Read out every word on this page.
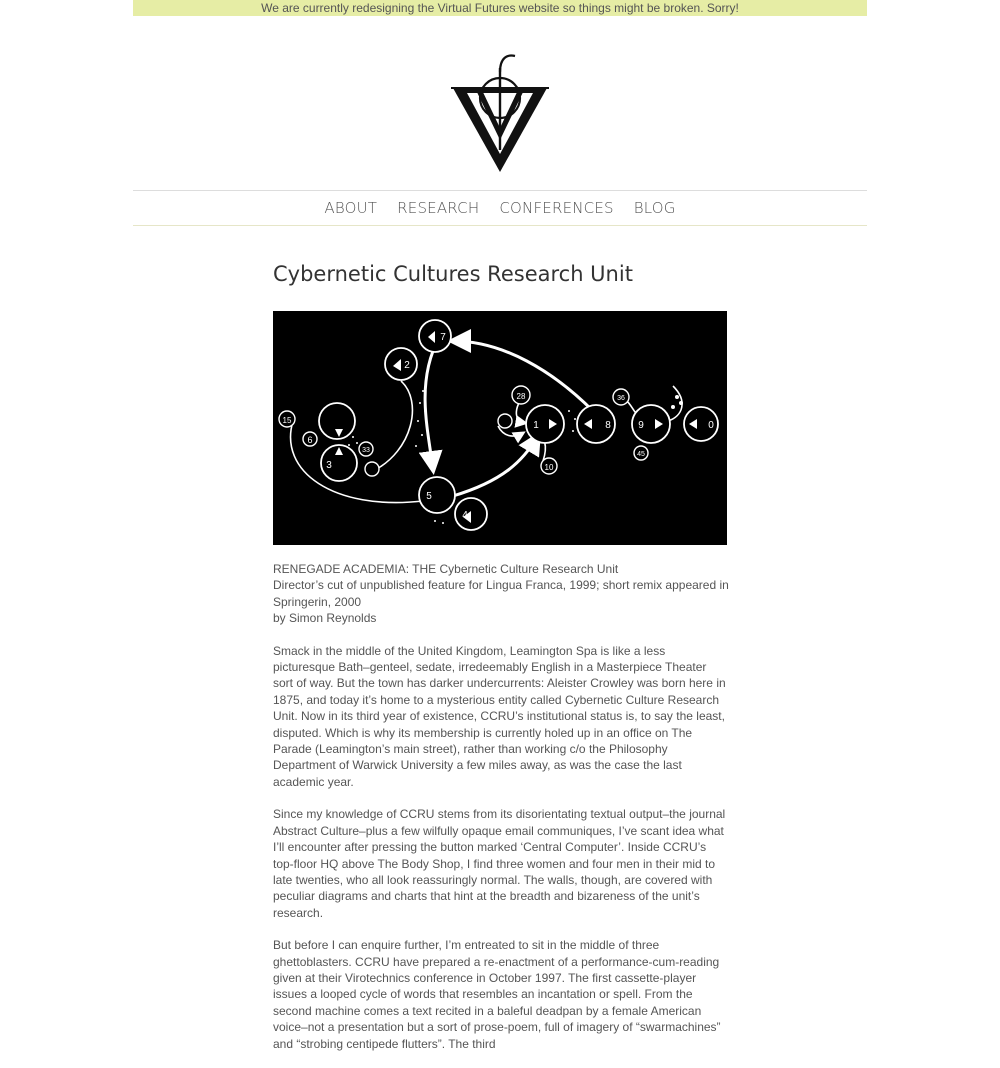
We are currently redesigning the Virtual Futures website so things might be broken. Sorry!
ABOUT RESEARCH CONFERENCES BLOG
Cybernetic Cultures Research Unit
7
2
15
6
3
33
5
28
1
36
8	9	0
45
10
4

RENEGADE ACADEMIA: THE Cybernetic Culture Research Unit
Director’s cut of unpublished feature for Lingua Franca, 1999; short remix appeared in Springerin, 2000
by Simon Reynolds

Smack in the middle of the United Kingdom, Leamington Spa is like a less picturesque Bath–genteel, sedate, irredeemably English in a Masterpiece Theater sort of way. But the town has darker undercurrents: Aleister Crowley was born here in 1875, and today it’s home to a mysterious entity called Cybernetic Culture Research Unit. Now in its third year of existence, CCRU’s institutional status is, to say the least, disputed. Which is why its membership is currently holed up in an office on The Parade (Leamington’s main street), rather than working c/o the Philosophy Department of Warwick University a few miles away, as was the case the last academic year.

Since my knowledge of CCRU stems from its disorientating textual output–the journal Abstract Culture–plus a few wilfully opaque email communiques, I’ve scant idea what I’ll encounter after pressing the button marked ‘Central Computer’. Inside CCRU’s top-floor HQ above The Body Shop, I find three women and four men in their mid to late twenties, who all look reassuringly normal. The walls, though, are covered with peculiar diagrams and charts that hint at the breadth and bizareness of the unit’s research.

But before I can enquire further, I’m entreated to sit in the middle of three ghettoblasters. CCRU have prepared a re-enactment of a performance-cum-reading given at their Virotechnics conference in October 1997. The first cassette-player issues a looped cycle of words that resembles an incantation or spell. From the second machine comes a text recited in a baleful deadpan by a female American voice–not a presentation but a sort of prose-poem, full of imagery of “swarmachines” and “strobing centipede flutters”. The third
